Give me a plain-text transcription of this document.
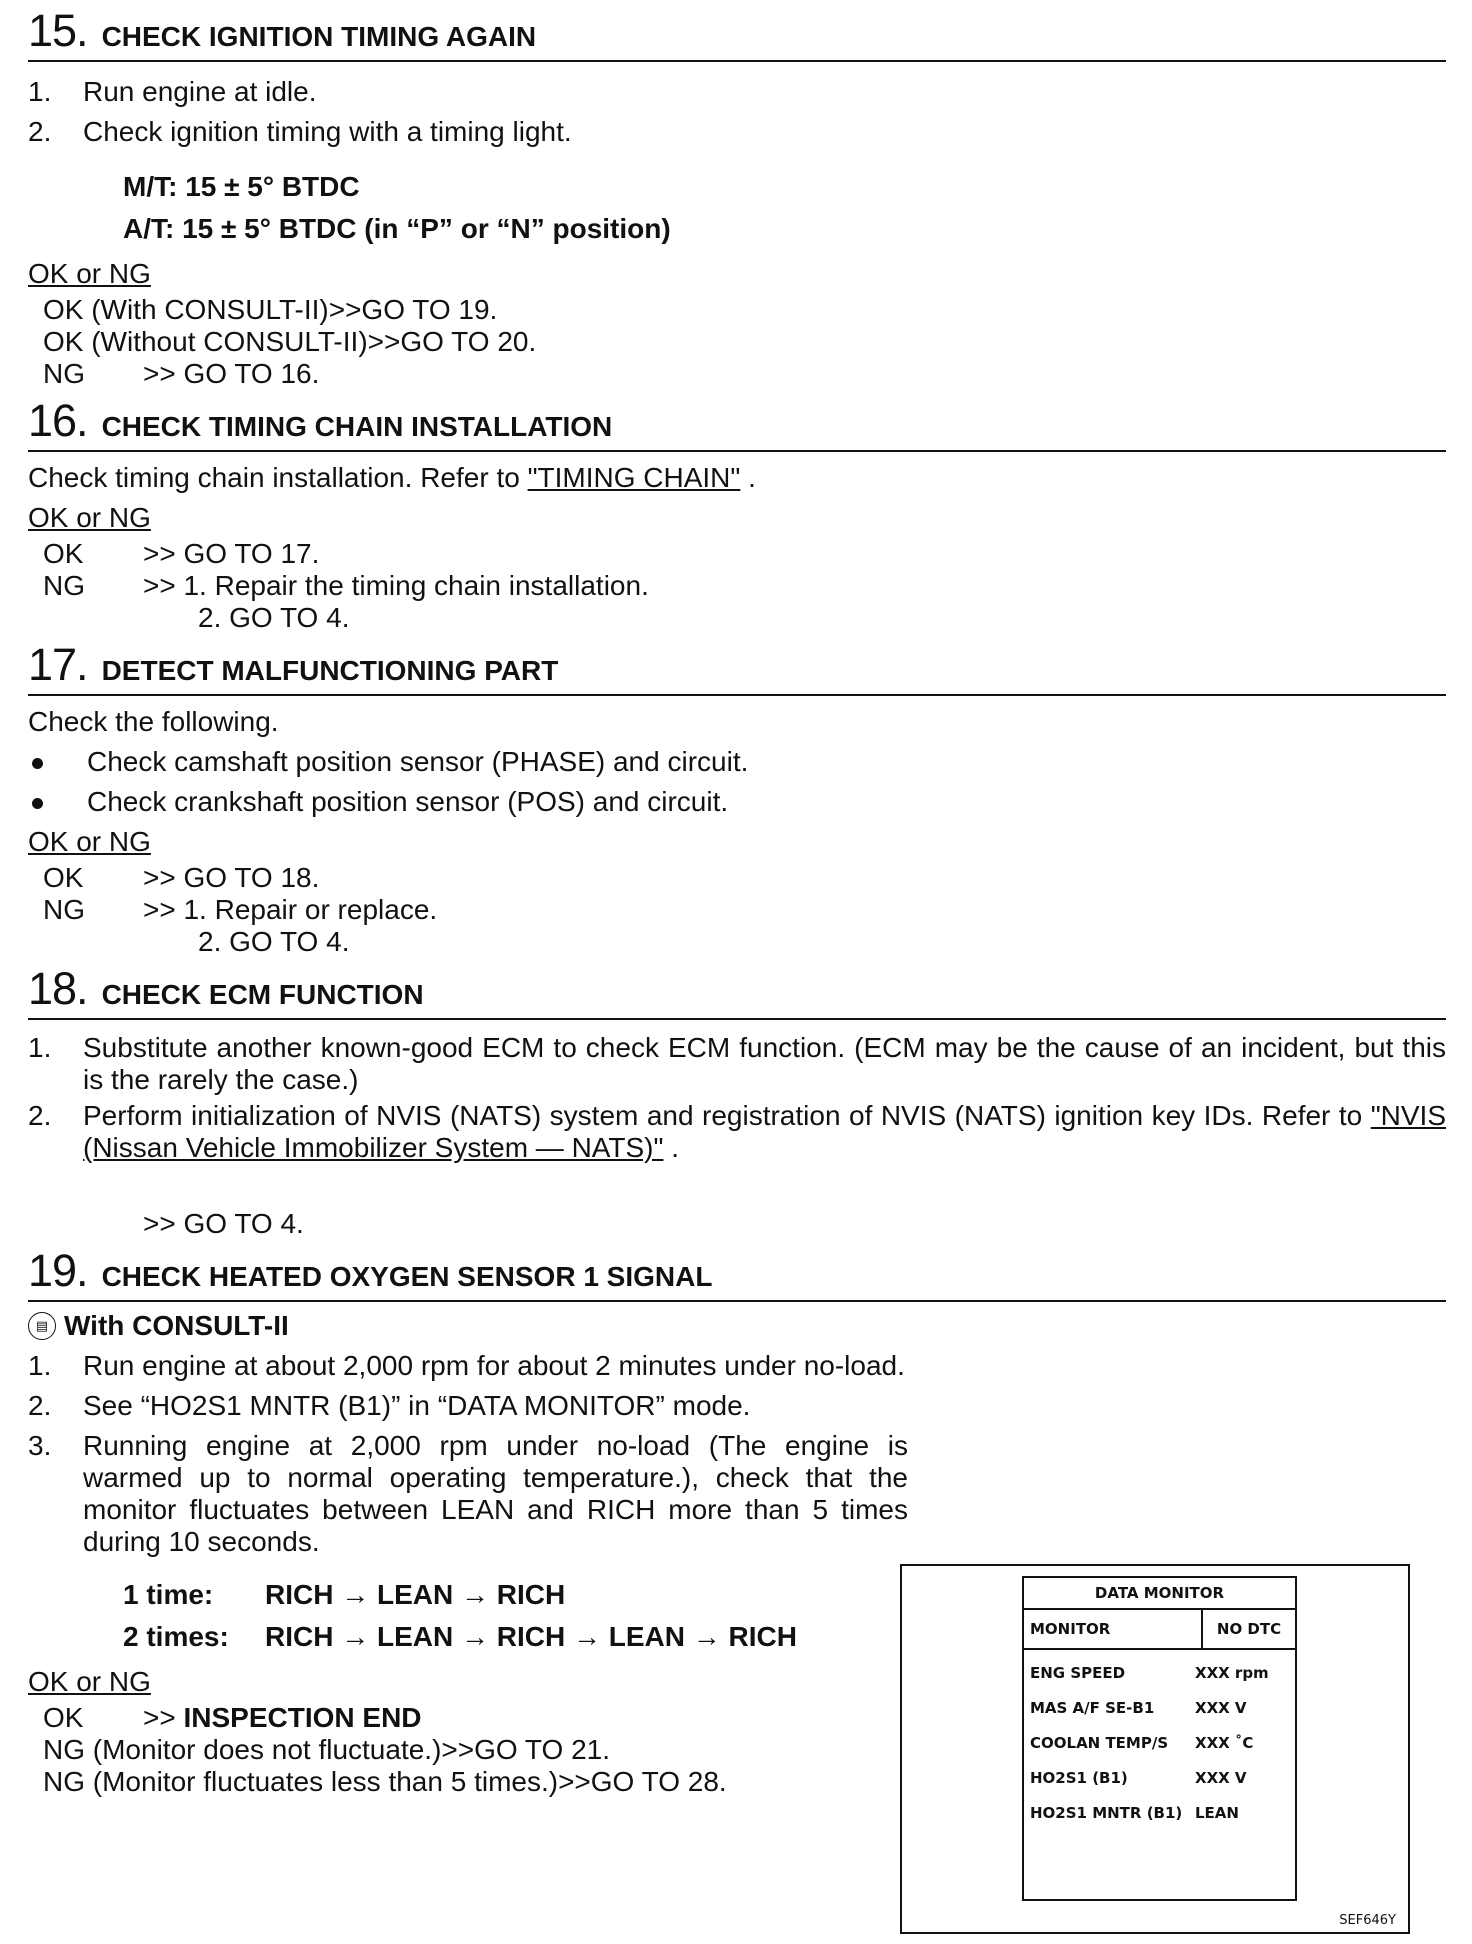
15. CHECK IGNITION TIMING AGAIN
1. Run engine at idle.
2. Check ignition timing with a timing light.
M/T: 15 ± 5° BTDC
A/T: 15 ± 5° BTDC (in “P” or “N” position)
OK or NG
OK (With CONSULT-II)>>GO TO 19.
OK (Without CONSULT-II)>>GO TO 20.
NG >> GO TO 16.
16. CHECK TIMING CHAIN INSTALLATION
Check timing chain installation. Refer to "TIMING CHAIN" .
OK or NG
OK >> GO TO 17.
NG >> 1. Repair the timing chain installation.
2. GO TO 4.
17. DETECT MALFUNCTIONING PART
Check the following.
Check camshaft position sensor (PHASE) and circuit.
Check crankshaft position sensor (POS) and circuit.
OK or NG
OK >> GO TO 18.
NG >> 1. Repair or replace.
2. GO TO 4.
18. CHECK ECM FUNCTION
1.	Substitute another known-good ECM to check ECM function. (ECM may be the cause of an incident, but this is the rarely the case.)
2.	Perform initialization of NVIS (NATS) system and registration of NVIS (NATS) ignition key IDs. Refer to "NVIS (Nissan Vehicle Immobilizer System — NATS)" .
>> GO TO 4.
19. CHECK HEATED OXYGEN SENSOR 1 SIGNAL
▤ With CONSULT-II
1. Run engine at about 2,000 rpm for about 2 minutes under no-load.
2. See “HO2S1 MNTR (B1)” in “DATA MONITOR” mode.
3.	Running engine at 2,000 rpm under no-load (The engine is warmed up to normal operating temperature.), check that the monitor fluctuates between LEAN and RICH more than 5 times during 10 seconds.
1 time: RICH → LEAN → RICH
2 times: RICH → LEAN → RICH → LEAN → RICH
OK or NG
OK >> INSPECTION END
NG (Monitor does not fluctuate.)>>GO TO 21.
NG (Monitor fluctuates less than 5 times.)>>GO TO 28.
DATA MONITOR
MONITOR	NO DTC
ENG SPEED	XXX rpm
MAS A/F SE-B1	XXX V
COOLAN TEMP/S	XXX ˚C
HO2S1 (B1)	XXX V
HO2S1 MNTR (B1) LEAN
SEF646Y
